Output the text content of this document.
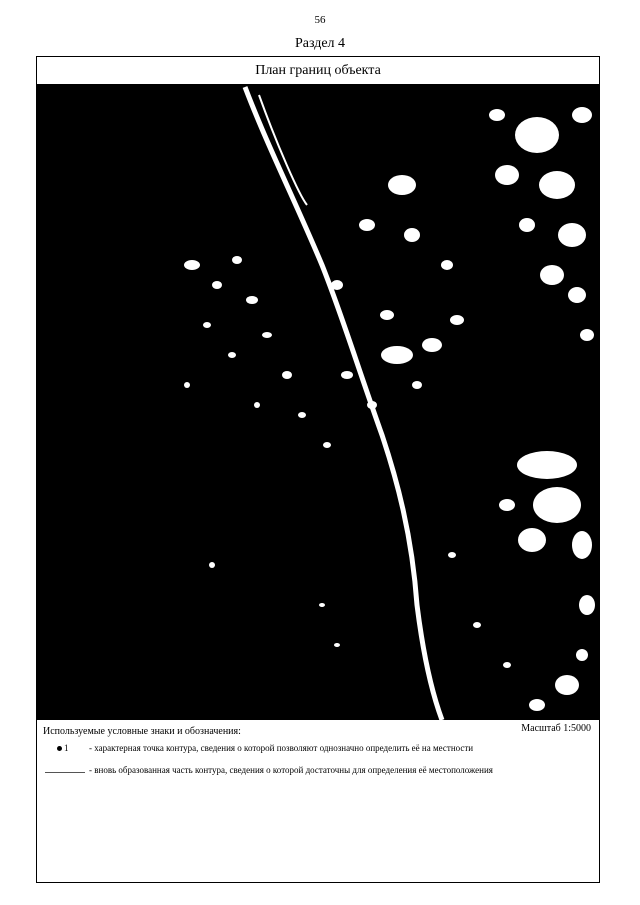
56
Раздел 4
План границ объекта
Используемые условные знаки и обозначения:	Масштаб 1:5000
1 - характерная точка контура, сведения о которой позволяют однозначно определить её на местности
- вновь образованная часть контура, сведения о которой достаточны для определения её местоположения
